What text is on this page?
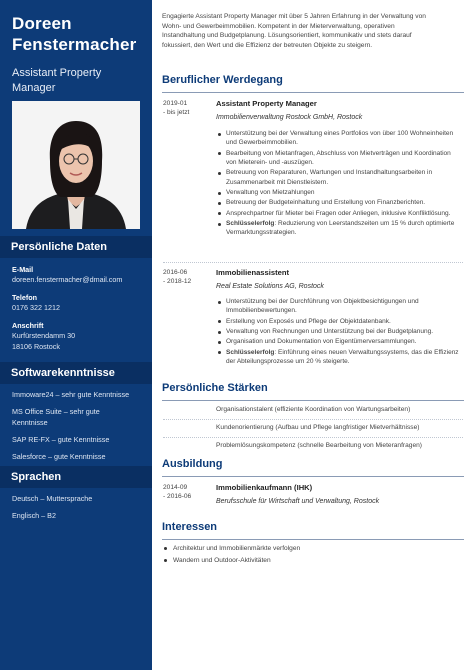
Doreen
Fenstermacher
Assistant Property
Manager
Persönliche Daten
E-Mail
doreen.fenstermacher@dmail.com
Telefon
0176 322 1212
Anschrift
Kurfürstendamm 30
18106 Rostock
Softwarekenntnisse
Immoware24 – sehr gute Kenntnisse
MS Office Suite – sehr gute
Kenntnisse
SAP RE-FX – gute Kenntnisse
Salesforce – gute Kenntnisse
Sprachen
Deutsch – Muttersprache
Englisch – B2
Engagierte Assistant Property Manager mit über 5 Jahren Erfahrung in der Verwaltung von
Wohn- und Gewerbeimmobilien. Kompetent in der Mieterverwaltung, operativen
Instandhaltung und Budgetplanung. Lösungsorientiert, kommunikativ und stets darauf
fokussiert, den Wert und die Effizienz der betreuten Objekte zu steigern.
Beruflicher Werdegang
2019-01
- bis jetzt
Assistant Property Manager
Immobilienverwaltung Rostock GmbH, Rostock
Unterstützung bei der Verwaltung eines Portfolios von über 100 Wohneinheiten und Gewerbeimmobilien.
Bearbeitung von Mietanfragen, Abschluss von Mietverträgen und Koordination von Mieterein- und -auszügen.
Betreuung von Reparaturen, Wartungen und Instandhaltungsarbeiten in Zusammenarbeit mit Dienstleistern.
Verwaltung von Mietzahlungen
Betreuung der Budgeteinhaltung und Erstellung von Finanzberichten.
Ansprechpartner für Mieter bei Fragen oder Anliegen, inklusive Konfliktlösung.
Schlüsselerfolg: Reduzierung von Leerstandszeiten um 15 % durch optimierte Vermarktungsstrategien.
2016-06
- 2018-12
Immobilienassistent
Real Estate Solutions AG, Rostock
Unterstützung bei der Durchführung von Objektbesichtigungen und Immobilienbewertungen.
Erstellung von Exposés und Pflege der Objektdatenbank.
Verwaltung von Rechnungen und Unterstützung bei der Budgetplanung.
Organisation und Dokumentation von Eigentümerversammlungen.
Schlüsselerfolg: Einführung eines neuen Verwaltungssystems, das die Effizienz der Abteilungsprozesse um 20 % steigerte.
Persönliche Stärken
Organisationstalent (effiziente Koordination von Wartungsarbeiten)
Kundenorientierung (Aufbau und Pflege langfristiger Mietverhältnisse)
Problemlösungskompetenz (schnelle Bearbeitung von Mieteranfragen)
Ausbildung
2014-09
- 2016-06
Immobilienkaufmann (IHK)
Berufsschule für Wirtschaft und Verwaltung, Rostock
Interessen
Architektur und Immobilienmärkte verfolgen
Wandern und Outdoor-Aktivitäten
